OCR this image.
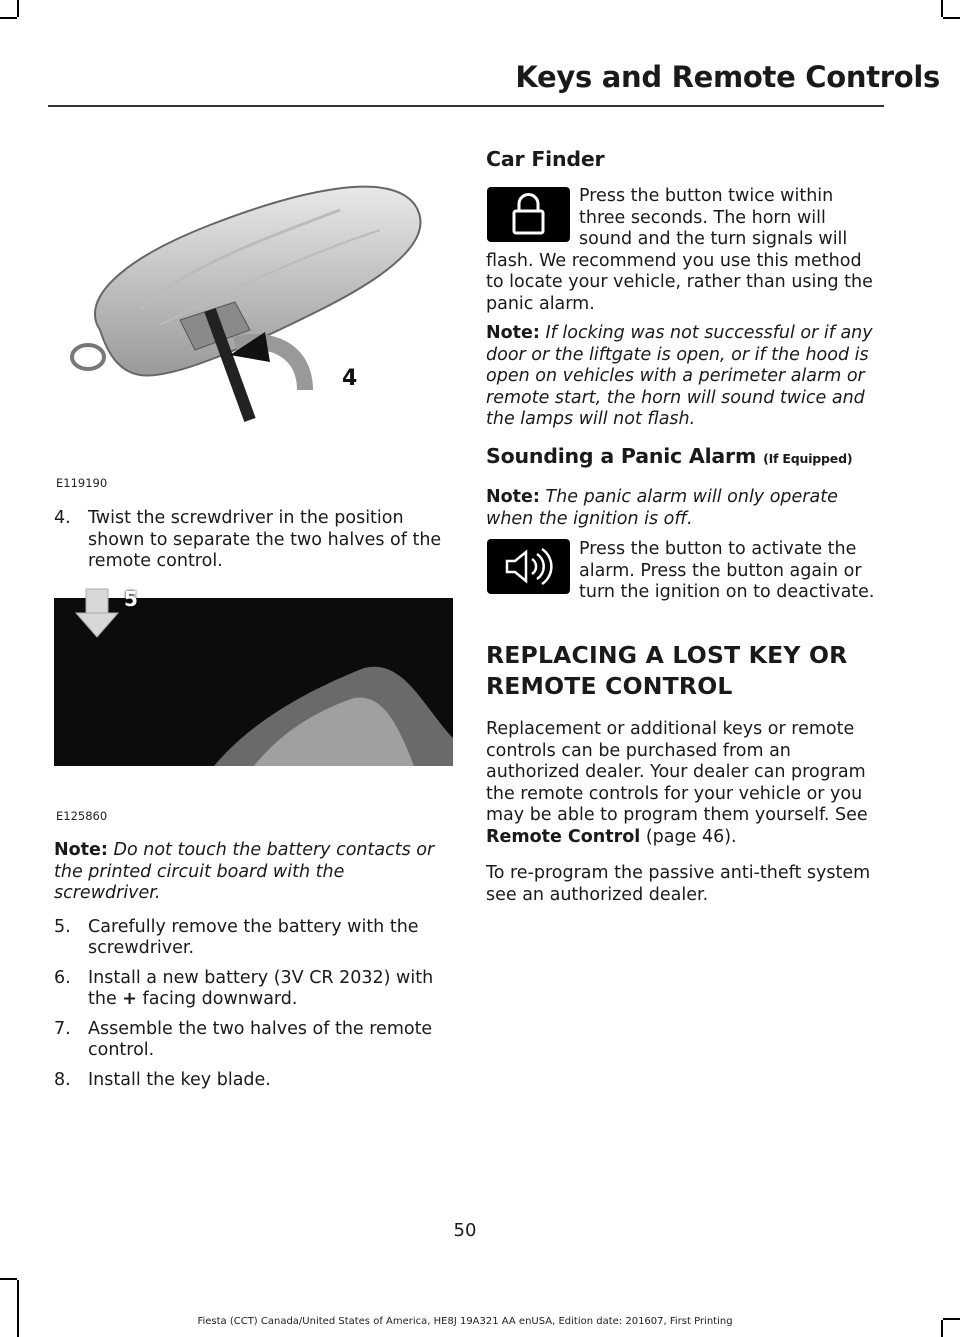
Keys and Remote Controls
4
E119190
4. Twist the screwdriver in the position shown to separate the two halves of the remote control.
5
E125860

Note: Do not touch the battery contacts or the printed circuit board with the screwdriver.

5. Carefully remove the battery with the screwdriver.
6. Install a new battery (3V CR 2032) with the + facing downward.
7. Assemble the two halves of the remote control.
8. Install the key blade.
Car Finder
Press the button twice within three seconds. The horn will sound and the turn signals will flash. We recommend you use this method to locate your vehicle, rather than using the panic alarm.
Note: If locking was not successful or if any door or the liftgate is open, or if the hood is open on vehicles with a perimeter alarm or remote start, the horn will sound twice and the lamps will not flash.
Sounding a Panic Alarm (If Equipped)
Note: The panic alarm will only operate when the ignition is off.
Press the button to activate the alarm. Press the button again or turn the ignition on to deactivate.
REPLACING A LOST KEY OR
REMOTE CONTROL
Replacement or additional keys or remote controls can be purchased from an authorized dealer. Your dealer can program the remote controls for your vehicle or you may be able to program them yourself. See Remote Control (page 46).
To re-program the passive anti-theft system see an authorized dealer.
50
Fiesta (CCT) Canada/United States of America, HE8J 19A321 AA enUSA, Edition date: 201607, First Printing
